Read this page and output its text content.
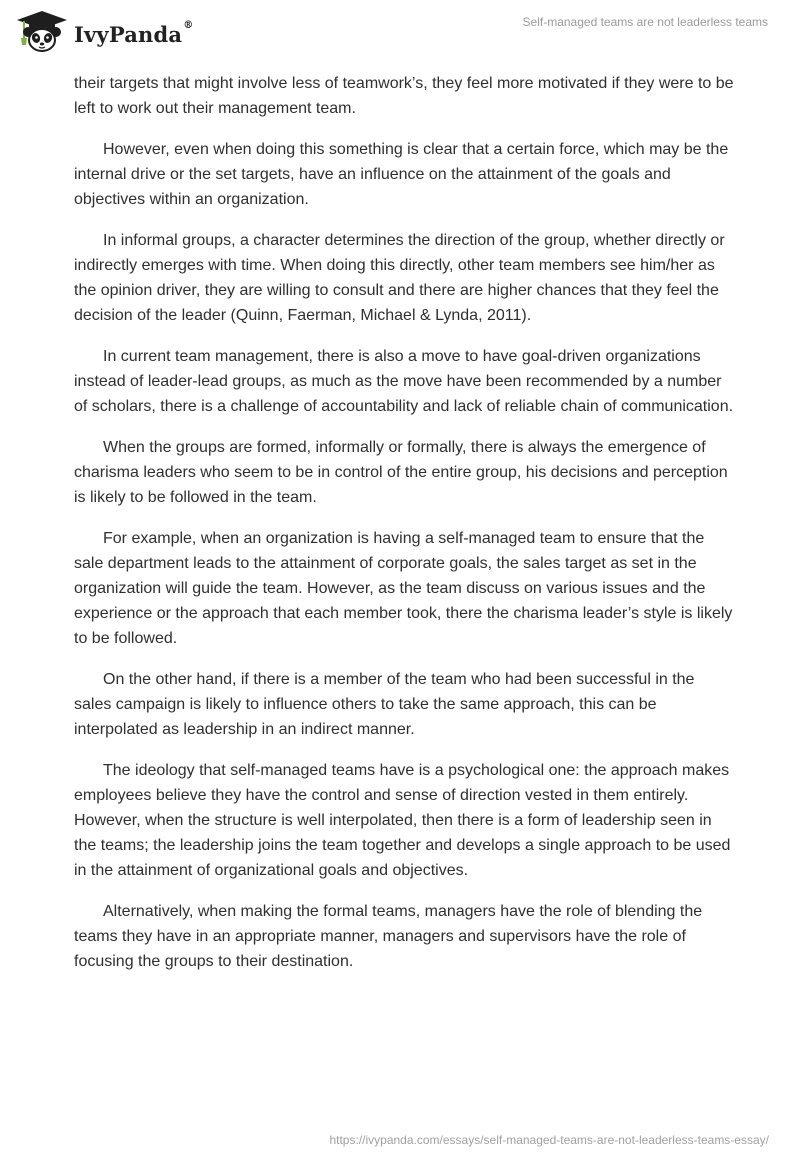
IvyPanda®	Self-managed teams are not leaderless teams

their targets that might involve less of teamwork’s, they feel more motivated if they were to be left to work out their management team.

However, even when doing this something is clear that a certain force, which may be the internal drive or the set targets, have an influence on the attainment of the goals and objectives within an organization.

In informal groups, a character determines the direction of the group, whether directly or indirectly emerges with time. When doing this directly, other team members see him/her as the opinion driver, they are willing to consult and there are higher chances that they feel the decision of the leader (Quinn, Faerman, Michael & Lynda, 2011).

In current team management, there is also a move to have goal-driven organizations instead of leader-lead groups, as much as the move have been recommended by a number of scholars, there is a challenge of accountability and lack of reliable chain of communication.

When the groups are formed, informally or formally, there is always the emergence of charisma leaders who seem to be in control of the entire group, his decisions and perception is likely to be followed in the team.

For example, when an organization is having a self-managed team to ensure that the sale department leads to the attainment of corporate goals, the sales target as set in the organization will guide the team. However, as the team discuss on various issues and the experience or the approach that each member took, there the charisma leader’s style is likely to be followed.

On the other hand, if there is a member of the team who had been successful in the sales campaign is likely to influence others to take the same approach, this can be interpolated as leadership in an indirect manner.

The ideology that self-managed teams have is a psychological one: the approach makes employees believe they have the control and sense of direction vested in them entirely. However, when the structure is well interpolated, then there is a form of leadership seen in the teams; the leadership joins the team together and develops a single approach to be used in the attainment of organizational goals and objectives.

Alternatively, when making the formal teams, managers have the role of blending the teams they have in an appropriate manner, managers and supervisors have the role of focusing the groups to their destination.

https://ivypanda.com/essays/self-managed-teams-are-not-leaderless-teams-essay/
